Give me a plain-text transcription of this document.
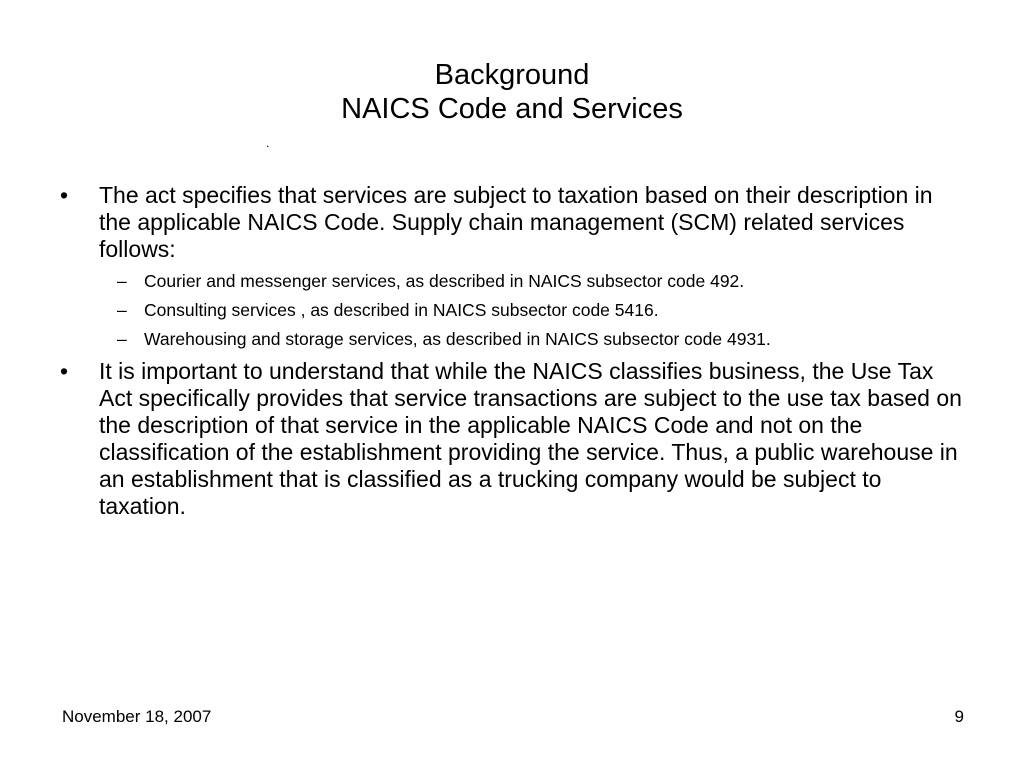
Background
NAICS Code and Services
.
•	The act specifies that services are subject to taxation based on their description in the applicable NAICS Code. Supply chain management (SCM) related services follows:
– Courier and messenger services, as described in NAICS subsector code 492.
– Consulting services , as described in NAICS subsector code 5416.
– Warehousing and storage services, as described in NAICS subsector code 4931.
•	It is important to understand that while the NAICS classifies business, the Use Tax Act specifically provides that service transactions are subject to the use tax based on the description of that service in the applicable NAICS Code and not on the classification of the establishment providing the service. Thus, a public warehouse in an establishment that is classified as a trucking company would be subject to taxation.
November 18, 2007	9
